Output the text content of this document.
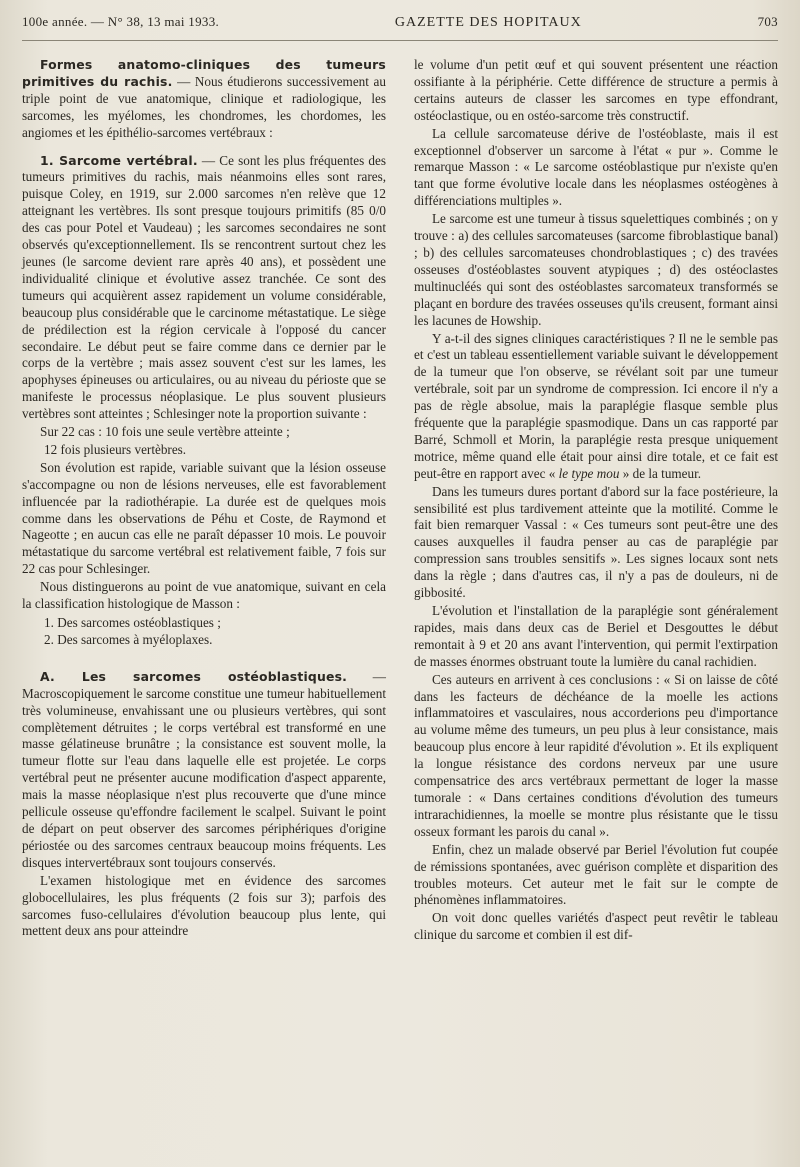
100e année. — N° 38, 13 mai 1933.	GAZETTE DES HOPITAUX	703

Formes anatomo-cliniques des tumeurs primitives du rachis. — Nous étudierons successivement au triple point de vue anatomique, clinique et radiologique, les sarcomes, les myélomes, les chondromes, les chordomes, les angiomes et les épithélio-sarcomes vertébraux :

1. Sarcome vertébral. — Ce sont les plus fréquentes des tumeurs primitives du rachis, mais néanmoins elles sont rares, puisque Coley, en 1919, sur 2.000 sarcomes n'en relève que 12 atteignant les vertèbres. Ils sont presque toujours primitifs (85 0/0 des cas pour Potel et Vaudeau) ; les sarcomes secondaires ne sont observés qu'exceptionnellement. Ils se rencontrent surtout chez les jeunes (le sarcome devient rare après 40 ans), et possèdent une individualité clinique et évolutive assez tranchée. Ce sont des tumeurs qui acquièrent assez rapidement un volume considérable, beaucoup plus considérable que le carcinome métastatique. Le siège de prédilection est la région cervicale à l'opposé du cancer secondaire. Le début peut se faire comme dans ce dernier par le corps de la vertèbre ; mais assez souvent c'est sur les lames, les apophyses épineuses ou articulaires, ou au niveau du périoste que se manifeste le processus néoplasique. Le plus souvent plusieurs vertèbres sont atteintes ; Schlesinger note la proportion suivante :

Sur 22 cas : 10 fois une seule vertèbre atteinte ;

12 fois plusieurs vertèbres.

Son évolution est rapide, variable suivant que la lésion osseuse s'accompagne ou non de lésions nerveuses, elle est favorablement influencée par la radiothérapie. La durée est de quelques mois comme dans les observations de Péhu et Coste, de Raymond et Nageotte ; en aucun cas elle ne paraît dépasser 10 mois. Le pouvoir métastatique du sarcome vertébral est relativement faible, 7 fois sur 22 cas pour Schlesinger.

Nous distinguerons au point de vue anatomique, suivant en cela la classification histologique de Masson :

1. Des sarcomes ostéoblastiques ;
2. Des sarcomes à myéloplaxes.

A. Les sarcomes ostéoblastiques. — Macroscopiquement le sarcome constitue une tumeur habituellement très volumineuse, envahissant une ou plusieurs vertèbres, qui sont complètement détruites ; le corps vertébral est transformé en une masse gélatineuse brunâtre ; la consistance est souvent molle, la tumeur flotte sur l'eau dans laquelle elle est projetée. Le corps vertébral peut ne présenter aucune modification d'aspect apparente, mais la masse néoplasique n'est plus recouverte que d'une mince pellicule osseuse qu'effondre facilement le scalpel. Suivant le point de départ on peut observer des sarcomes périphériques d'origine périostée ou des sarcomes centraux beaucoup moins fréquents. Les disques intervertébraux sont toujours conservés.

L'examen histologique met en évidence des sarcomes globocellulaires, les plus fréquents (2 fois sur 3); parfois des sarcomes fuso-cellulaires d'évolution beaucoup plus lente, qui mettent deux ans pour atteindre

le volume d'un petit œuf et qui souvent présentent une réaction ossifiante à la périphérie. Cette différence de structure a permis à certains auteurs de classer les sarcomes en type effondrant, ostéoclastique, ou en ostéo-sarcome très constructif.

La cellule sarcomateuse dérive de l'ostéoblaste, mais il est exceptionnel d'observer un sarcome à l'état « pur ». Comme le remarque Masson : « Le sarcome ostéoblastique pur n'existe qu'en tant que forme évolutive locale dans les néoplasmes ostéogènes à différenciations multiples ».

Le sarcome est une tumeur à tissus squelettiques combinés ; on y trouve : a) des cellules sarcomateuses (sarcome fibroblastique banal) ; b) des cellules sarcomateuses chondroblastiques ; c) des travées osseuses d'ostéoblastes souvent atypiques ; d) des ostéoclastes multinucléés qui sont des ostéoblastes sarcomateux transformés se plaçant en bordure des travées osseuses qu'ils creusent, formant ainsi les lacunes de Howship.

Y a-t-il des signes cliniques caractéristiques ? Il ne le semble pas et c'est un tableau essentiellement variable suivant le développement de la tumeur que l'on observe, se révélant soit par une tumeur vertébrale, soit par un syndrome de compression. Ici encore il n'y a pas de règle absolue, mais la paraplégie flasque semble plus fréquente que la paraplégie spasmodique. Dans un cas rapporté par Barré, Schmoll et Morin, la paraplégie resta presque uniquement motrice, même quand elle était pour ainsi dire totale, et ce fait est peut-être en rapport avec « le type mou » de la tumeur.

Dans les tumeurs dures portant d'abord sur la face postérieure, la sensibilité est plus tardivement atteinte que la motilité. Comme le fait bien remarquer Vassal : « Ces tumeurs sont peut-être une des causes auxquelles il faudra penser au cas de paraplégie par compression sans troubles sensitifs ». Les signes locaux sont nets dans la règle ; dans d'autres cas, il n'y a pas de douleurs, ni de gibbosité.

L'évolution et l'installation de la paraplégie sont généralement rapides, mais dans deux cas de Beriel et Desgouttes le début remontait à 9 et 20 ans avant l'intervention, qui permit l'extirpation de masses énormes obstruant toute la lumière du canal rachidien.

Ces auteurs en arrivent à ces conclusions : « Si on laisse de côté dans les facteurs de déchéance de la moelle les actions inflammatoires et vasculaires, nous accorderions peu d'importance au volume même des tumeurs, un peu plus à leur consistance, mais beaucoup plus encore à leur rapidité d'évolution ». Et ils expliquent la longue résistance des cordons nerveux par une usure compensatrice des arcs vertébraux permettant de loger la masse tumorale : « Dans certaines conditions d'évolution des tumeurs intrarachidiennes, la moelle se montre plus résistante que le tissu osseux formant les parois du canal ».

Enfin, chez un malade observé par Beriel l'évolution fut coupée de rémissions spontanées, avec guérison complète et disparition des troubles moteurs. Cet auteur met le fait sur le compte de phénomènes inflammatoires.

On voit donc quelles variétés d'aspect peut revêtir le tableau clinique du sarcome et combien il est dif-
